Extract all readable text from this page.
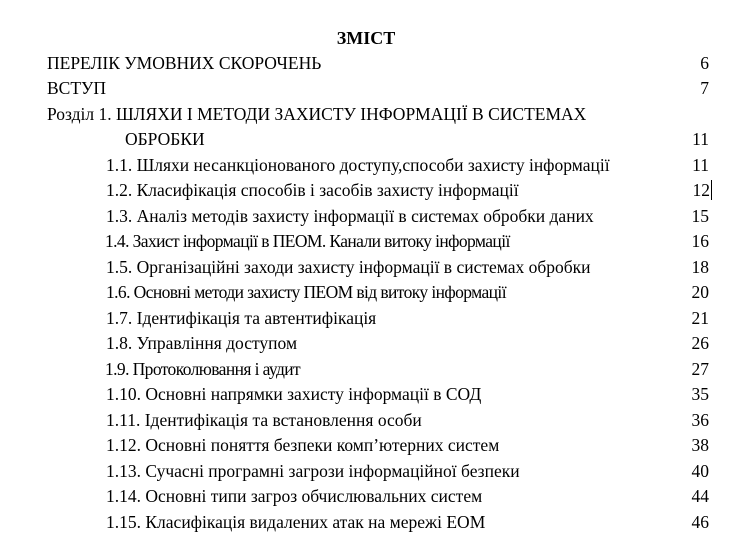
ЗМІСТ
ПЕРЕЛІК УМОВНИХ СКОРОЧЕНЬ	6
ВСТУП	7
Розділ 1. ШЛЯХИ І МЕТОДИ ЗАХИСТУ ІНФОРМАЦІЇ В СИСТЕМАХ
ОБРОБКИ	11
1.1. Шляхи несанкціонованого доступу,способи захисту інформації	11
1.2. Класифікація способів і засобів захисту інформації	12
1.3. Аналіз методів захисту інформації в системах обробки даних	15
1.4. Захист інформації в ПЕОМ. Канали витоку інформації	16
1.5. Організаційні заходи захисту інформації в системах обробки	18
1.6. Основні методи захисту ПЕОМ від витоку інформації	20
1.7. Ідентифікація та автентифікація	21
1.8. Управління доступом	26
1.9. Протоколювання і аудит	27
1.10. Основні напрямки захисту інформації в СОД	35
1.11. Ідентифікація та встановлення особи	36
1.12. Основні поняття безпеки комп’ютерних систем	38
1.13. Сучасні програмні загрози інформаційної безпеки	40
1.14. Основні типи загроз обчислювальних систем	44
1.15. Класифікація видалених атак на мережі ЕОМ	46
